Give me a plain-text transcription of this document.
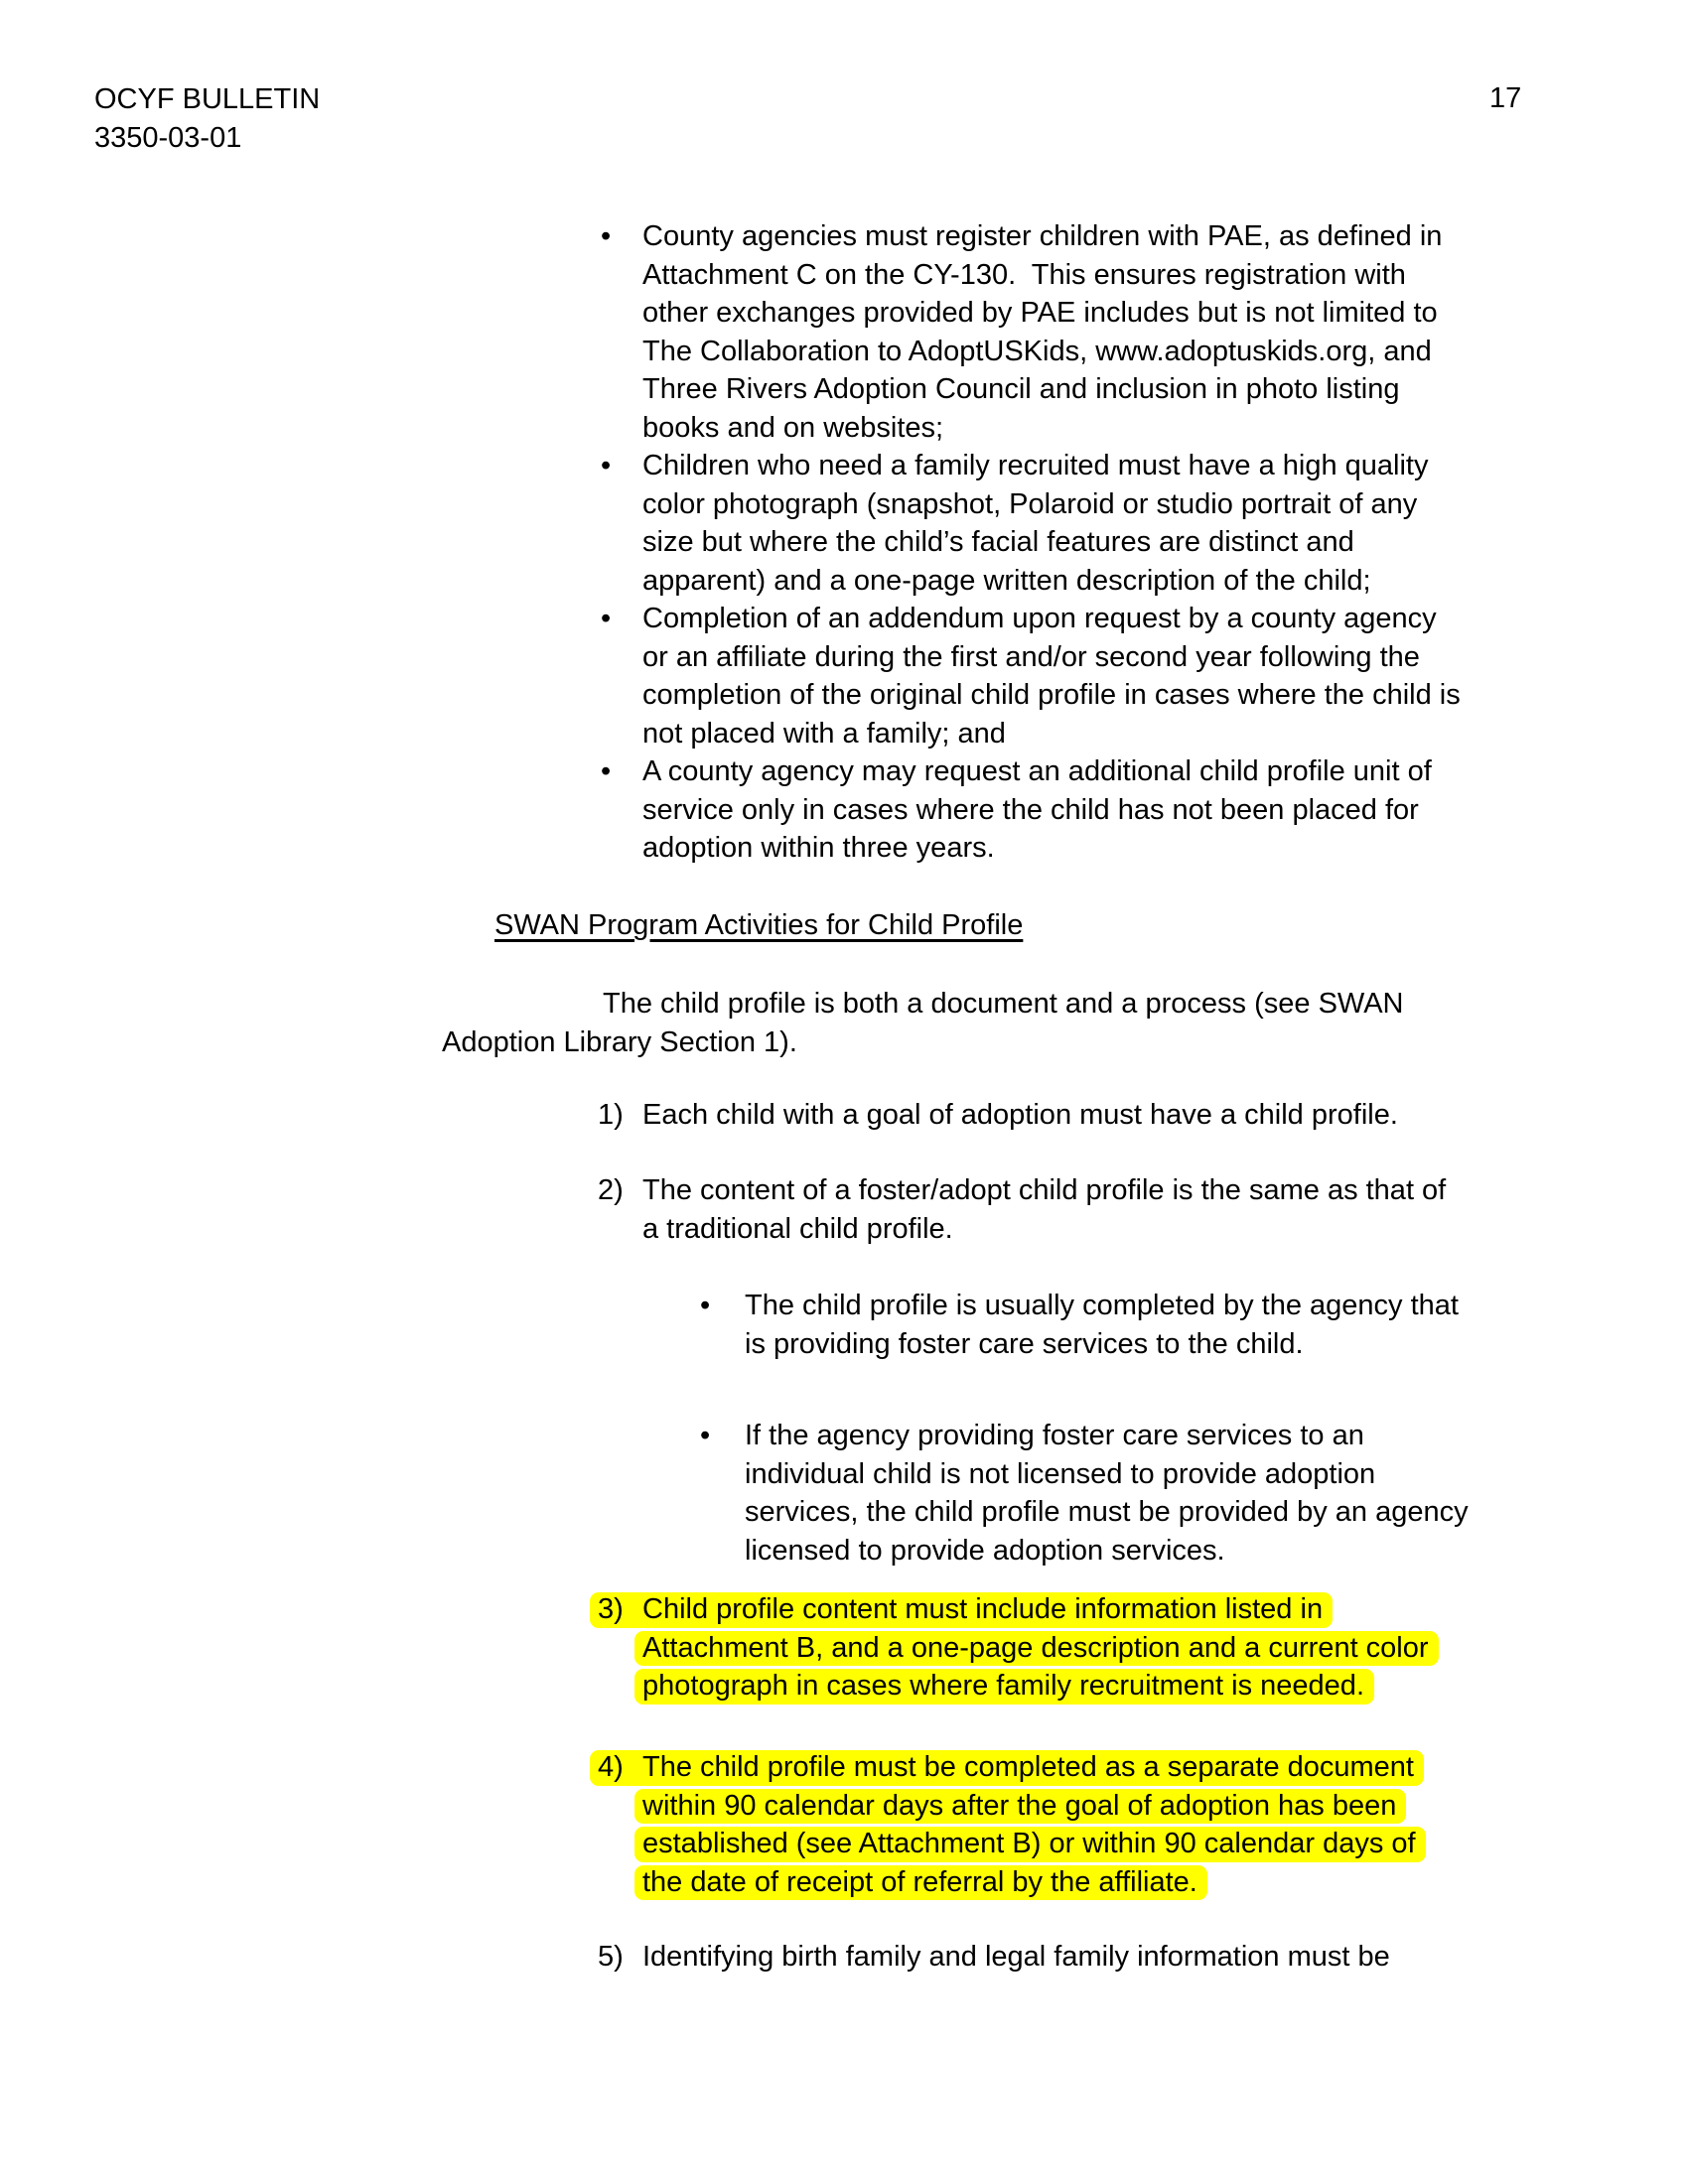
OCYF BULLETIN
3350-03-01
17
• County agencies must register children with PAE, as defined in
Attachment C on the CY-130.  This ensures registration with
other exchanges provided by PAE includes but is not limited to
The Collaboration to AdoptUSKids, www.adoptuskids.org, and
Three Rivers Adoption Council and inclusion in photo listing
books and on websites;
• Children who need a family recruited must have a high quality
color photograph (snapshot, Polaroid or studio portrait of any
size but where the child’s facial features are distinct and
apparent) and a one-page written description of the child;
• Completion of an addendum upon request by a county agency
or an affiliate during the first and/or second year following the
completion of the original child profile in cases where the child is
not placed with a family; and
• A county agency may request an additional child profile unit of
service only in cases where the child has not been placed for
adoption within three years.
SWAN Program Activities for Child Profile
The child profile is both a document and a process (see SWAN
Adoption Library Section 1).
1) Each child with a goal of adoption must have a child profile.
2) The content of a foster/adopt child profile is the same as that of
a traditional child profile.
• The child profile is usually completed by the agency that
is providing foster care services to the child.
• If the agency providing foster care services to an
individual child is not licensed to provide adoption
services, the child profile must be provided by an agency
licensed to provide adoption services.
3) Child profile content must include information listed in
Attachment B, and a one-page description and a current color
photograph in cases where family recruitment is needed.
4) The child profile must be completed as a separate document
within 90 calendar days after the goal of adoption has been
established (see Attachment B) or within 90 calendar days of
the date of receipt of referral by the affiliate.
5) Identifying birth family and legal family information must be
